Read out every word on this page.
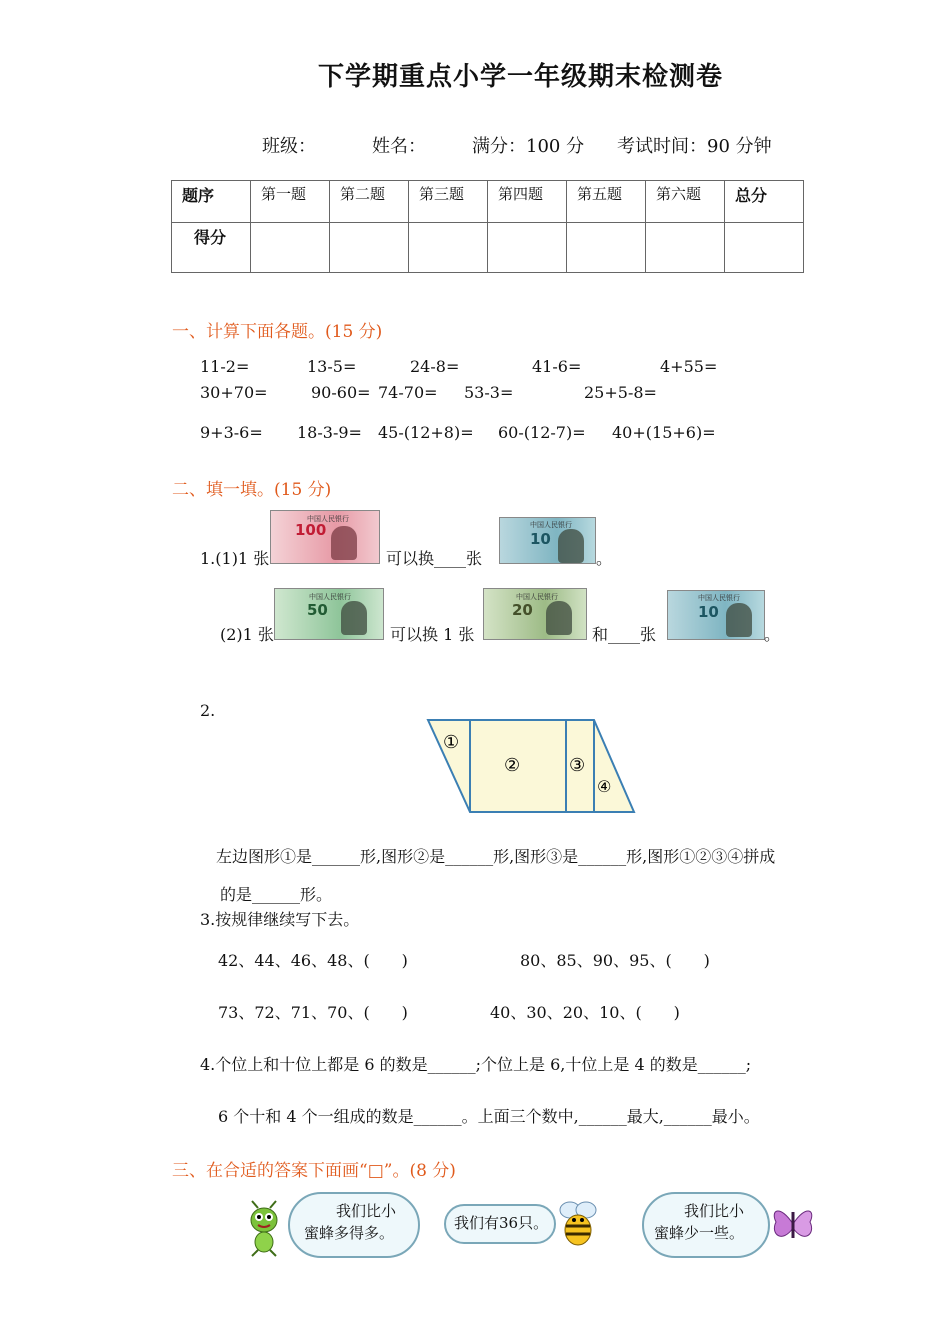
下学期重点小学一年级期末检测卷
班级：	姓名：	满分：100 分 考试时间：90 分钟
题序	第一题	第二题	第三题	第四题	第五题	第六题	总分
得分							
一、计算下面各题。(15 分)
11-2=	13-5=	24-8=	41-6=	4+55=
30+70=	90-60= 74-70= 53-3=	25+5-8=
9+3-6= 18-3-9= 45-(12+8)= 60-(12-7)= 40+(15+6)=
二、填一填。(15 分)
1.(1)1 张
中国人民银行
100
可以换____张
中国人民银行
10
。
(2)1 张
中国人民银行
50
可以换 1 张
中国人民银行
20
和____张
中国人民银行
10
。
2.
①
②	③
④
左边图形①是______形,图形②是______形,图形③是______形,图形①②③④拼成
的是______形。
3.按规律继续写下去。
42、44、46、48、(　　)	80、85、90、95、(　　)
73、72、71、70、(　　)	40、30、20、10、(　　)
4.个位上和十位上都是 6 的数是______;个位上是 6,十位上是 4 的数是______;
6 个十和 4 个一组成的数是______。上面三个数中,______最大,______最小。
三、在合适的答案下面画“□”。(8 分)
我们比小
蜜蜂多得多。
我们有36只。
我们比小
蜜蜂少一些。
